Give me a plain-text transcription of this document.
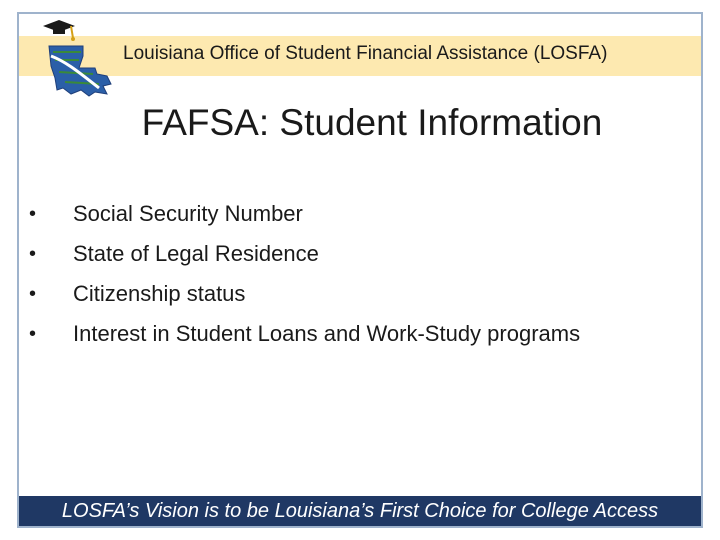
Louisiana Office of Student Financial Assistance (LOSFA)
FAFSA: Student Information
•	Social Security Number
•	State of Legal Residence
•	Citizenship status
•	Interest in Student Loans and Work-Study programs
LOSFA’s Vision is to be Louisiana’s First Choice for College Access
